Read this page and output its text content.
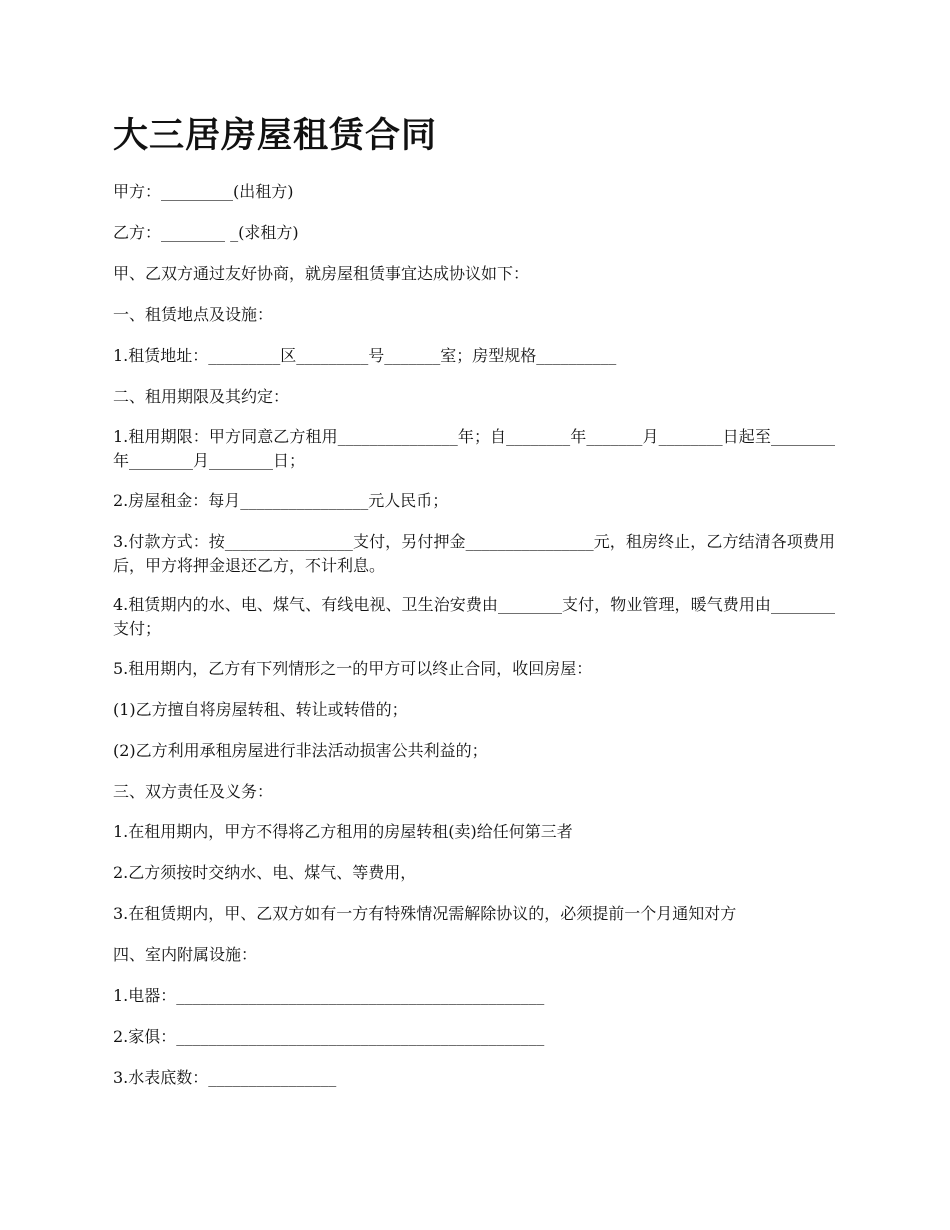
大三居房屋租赁合同

甲方：_________(出租方)

乙方：________ _(求租方)

甲、乙双方通过友好协商，就房屋租赁事宜达成协议如下：

一、租赁地点及设施：

1.租赁地址：_________区_________号_______室；房型规格__________

二、租用期限及其约定：

1.租用期限：甲方同意乙方租用_______________年；自________年_______月________日起至________年________月________日；

2.房屋租金：每月________________元人民币；

3.付款方式：按________________支付，另付押金________________元，租房终止，乙方结清各项费用后，甲方将押金退还乙方，不计利息。

4.租赁期内的水、电、煤气、有线电视、卫生治安费由________支付，物业管理，暖气费用由________支付；

5.租用期内，乙方有下列情形之一的甲方可以终止合同，收回房屋：

(1)乙方擅自将房屋转租、转让或转借的；

(2)乙方利用承租房屋进行非法活动损害公共利益的；

三、双方责任及义务：

1.在租用期内，甲方不得将乙方租用的房屋转租(卖)给任何第三者

2.乙方须按时交纳水、电、煤气、等费用，

3.在租赁期内，甲、乙双方如有一方有特殊情况需解除协议的，必须提前一个月通知对方

四、室内附属设施：

1.电器：______________________________________________

2.家俱：______________________________________________

3.水表底数：________________
